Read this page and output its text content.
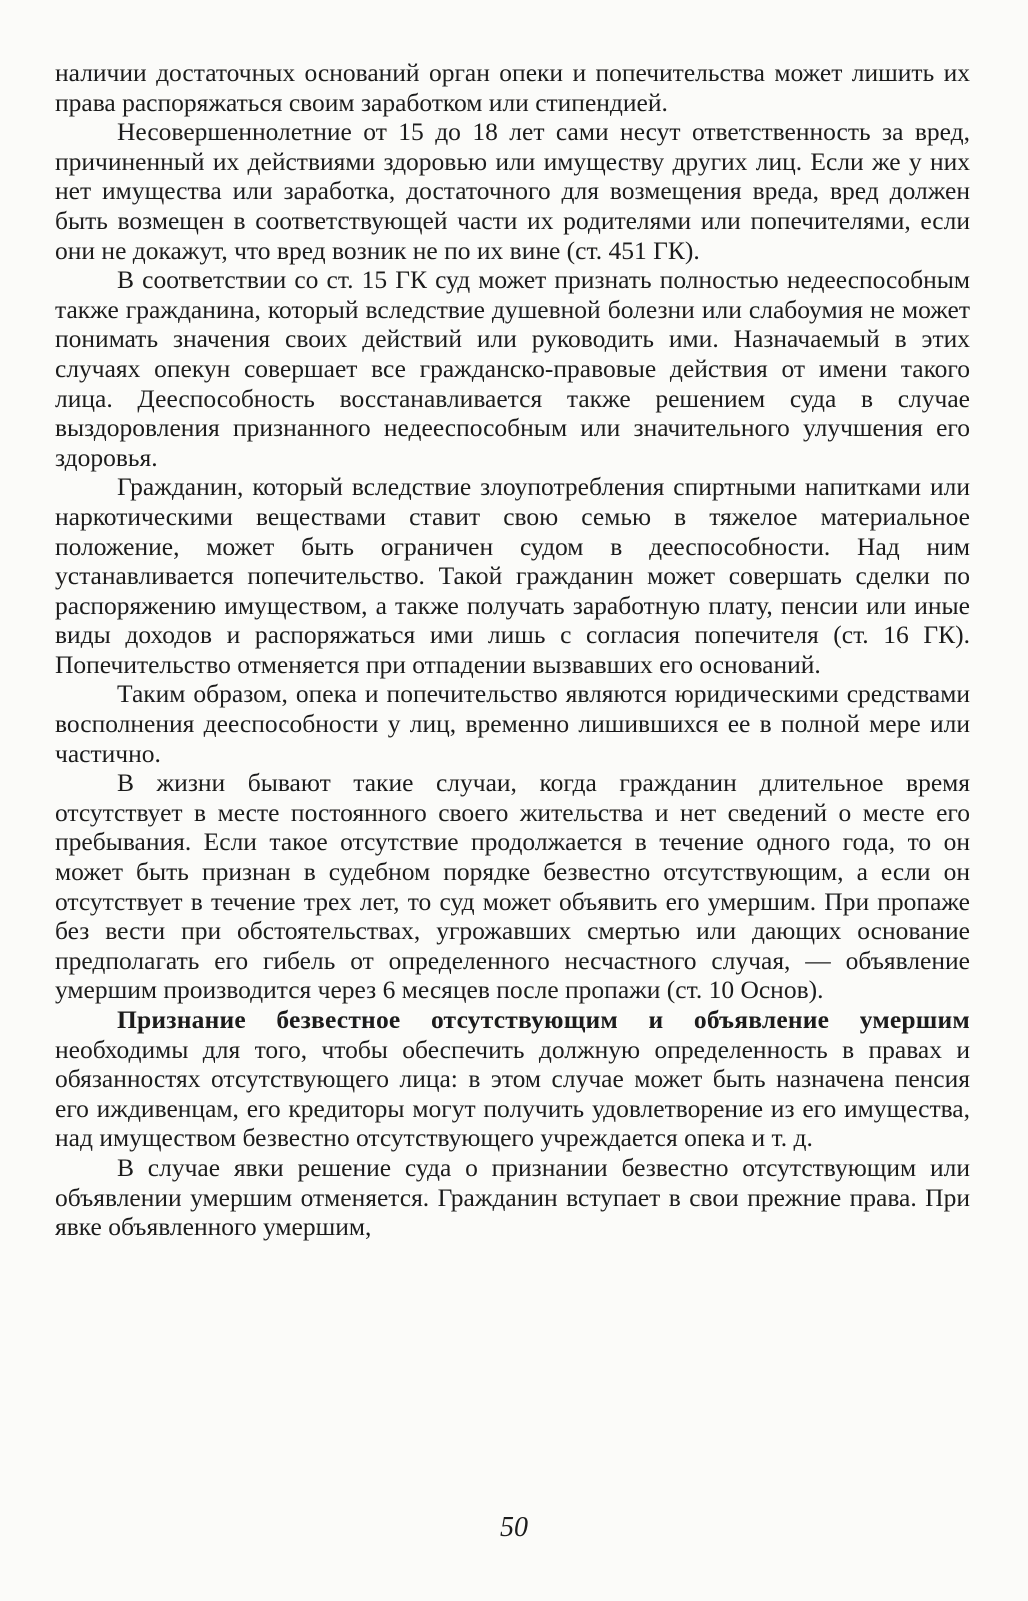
наличии достаточных оснований орган опеки и попечительства может лишить их права распоряжаться своим заработком или стипендией.

Несовершеннолетние от 15 до 18 лет сами несут ответственность за вред, причиненный их действиями здоровью или имуществу других лиц. Если же у них нет имущества или заработка, достаточного для возмещения вреда, вред должен быть возмещен в соответствующей части их родителями или попечителями, если они не докажут, что вред возник не по их вине (ст. 451 ГК).

В соответствии со ст. 15 ГК суд может признать полностью недееспособным также гражданина, который вследствие душевной болезни или слабоумия не может понимать значения своих действий или руководить ими. Назначаемый в этих случаях опекун совершает все гражданско-правовые действия от имени такого лица. Дееспособность восстанавливается также решением суда в случае выздоровления признанного недееспособным или значительного улучшения его здоровья.

Гражданин, который вследствие злоупотребления спиртными напитками или наркотическими веществами ставит свою семью в тяжелое материальное положение, может быть ограничен судом в дееспособности. Над ним устанавливается попечительство. Такой гражданин может совершать сделки по распоряжению имуществом, а также получать заработную плату, пенсии или иные виды доходов и распоряжаться ими лишь с согласия попечителя (ст. 16 ГК). Попечительство отменяется при отпадении вызвавших его оснований.

Таким образом, опека и попечительство являются юридическими средствами восполнения дееспособности у лиц, временно лишившихся ее в полной мере или частично.

В жизни бывают такие случаи, когда гражданин длительное время отсутствует в месте постоянного своего жительства и нет сведений о месте его пребывания. Если такое отсутствие продолжается в течение одного года, то он может быть признан в судебном порядке безвестно отсутствующим, а если он отсутствует в течение трех лет, то суд может объявить его умершим. При пропаже без вести при обстоятельствах, угрожавших смертью или дающих основание предполагать его гибель от определенного несчастного случая, — объявление умершим производится через 6 месяцев после пропажи (ст. 10 Основ).

Признание безвестное отсутствующим и объявление умершим необходимы для того, чтобы обеспечить должную определенность в правах и обязанностях отсутствующего лица: в этом случае может быть назначена пенсия его иждивенцам, его кредиторы могут получить удовлетворение из его имущества, над имуществом безвестно отсутствующего учреждается опека и т. д.

В случае явки решение суда о признании безвестно отсутствующим или объявлении умершим отменяется. Гражданин вступает в свои прежние права. При явке объявленного умершим,

50
